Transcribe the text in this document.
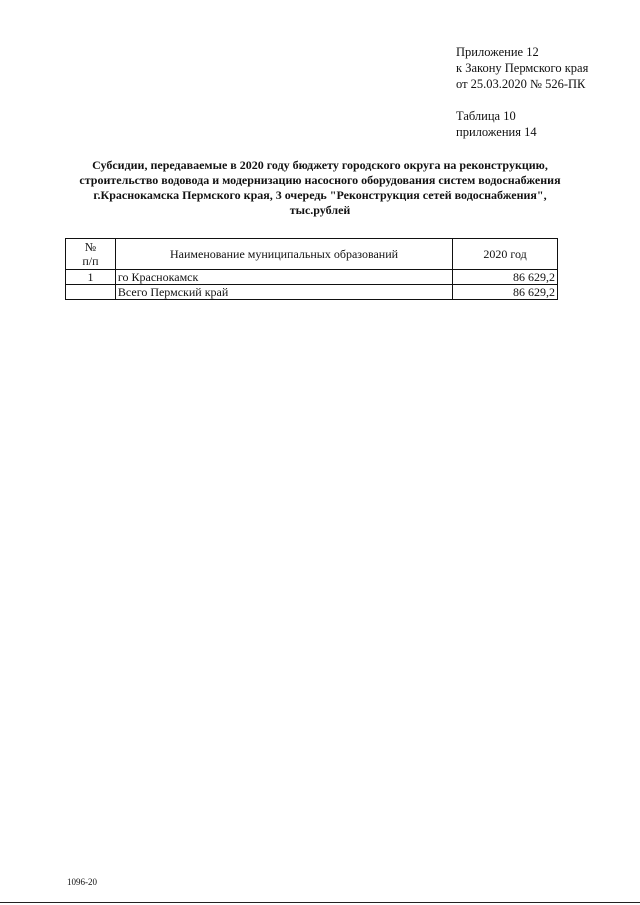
Приложение 12
к Закону Пермского края
от 25.03.2020 № 526-ПК
Таблица 10
приложения 14
Субсидии, передаваемые в 2020 году бюджету городского округа на реконструкцию,
строительство водовода и модернизацию насосного оборудования систем водоснабжения
г.Краснокамска Пермского края, 3 очередь "Реконструкция сетей водоснабжения",
тыс.рублей
№
п/п	Наименование муниципальных образований	2020 год
1	го Краснокамск	86 629,2
	Всего Пермский край	86 629,2
1096-20
